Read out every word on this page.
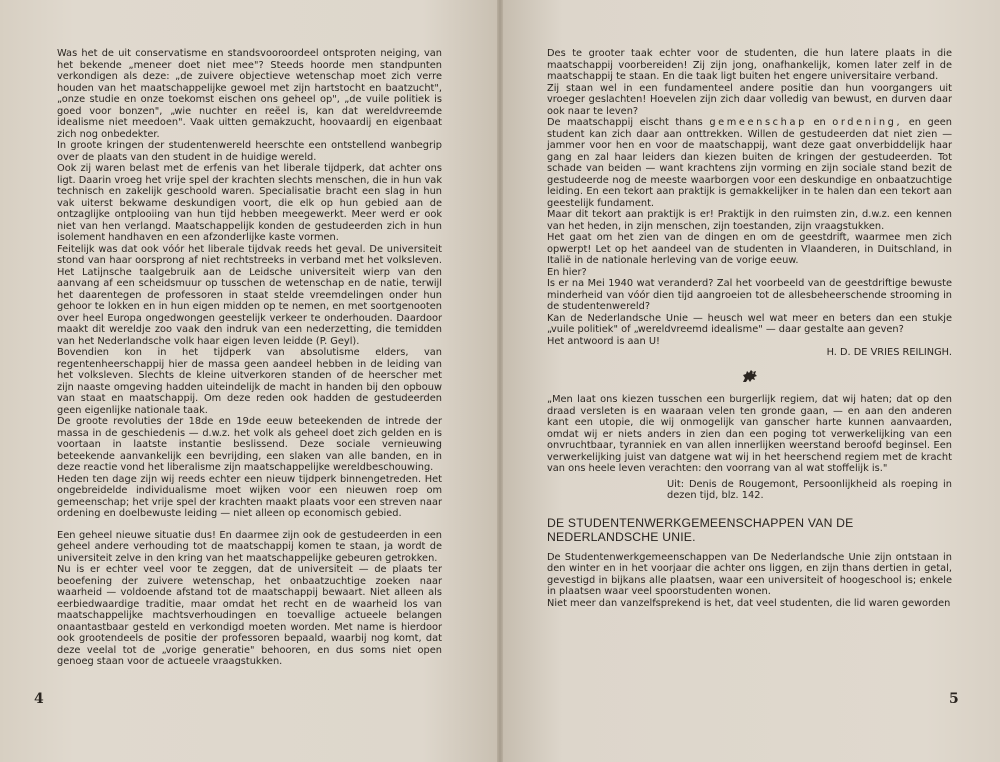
Was het de uit conservatisme en standsvooroordeel ontsproten neiging, van het bekende „meneer doet niet mee"? Steeds hoorde men standpunten verkondigen als deze: „de zuivere objectieve wetenschap moet zich verre houden van het maatschappelijke gewoel met zijn hartstocht en baatzucht", „onze studie en onze toekomst eischen ons geheel op", „de vuile politiek is goed voor bonzen", „wie nuchter en reëel is, kan dat wereldvreemde idealisme niet meedoen". Vaak uitten gemakzucht, hoovaardij en eigenbaat zich nog onbedekter.

In groote kringen der studentenwereld heerschte een ontstellend wanbegrip over de plaats van den student in de huidige wereld.

Ook zij waren belast met de erfenis van het liberale tijdperk, dat achter ons ligt. Daarin vroeg het vrije spel der krachten slechts menschen, die in hun vak technisch en zakelijk geschoold waren. Specialisatie bracht een slag in hun vak uiterst bekwame deskundigen voort, die elk op hun gebied aan de ontzaglijke ontplooiing van hun tijd hebben meegewerkt. Meer werd er ook niet van hen verlangd. Maatschappelijk konden de gestudeerden zich in hun isolement handhaven en een afzonderlijke kaste vormen.

Feitelijk was dat ook vóór het liberale tijdvak reeds het geval. De universiteit stond van haar oorsprong af niet rechtstreeks in verband met het volksleven. Het Latijnsche taalgebruik aan de Leidsche universiteit wierp van den aanvang af een scheidsmuur op tusschen de wetenschap en de natie, terwijl het daarentegen de professoren in staat stelde vreemdelingen onder hun gehoor te lokken en in hun eigen midden op te nemen, en met soortgenooten over heel Europa ongedwongen geestelijk verkeer te onderhouden. Daardoor maakt dit wereldje zoo vaak den indruk van een nederzetting, die temidden van het Nederlandsche volk haar eigen leven leidde (P. Geyl).

Bovendien kon in het tijdperk van absolutisme elders, van regentenheerschappij hier de massa geen aandeel hebben in de leiding van het volksleven. Slechts de kleine uitverkoren standen of de heerscher met zijn naaste omgeving hadden uiteindelijk de macht in handen bij den opbouw van staat en maatschappij. Om deze reden ook hadden de gestudeerden geen eigenlijke nationale taak.

De groote revoluties der 18de en 19de eeuw beteekenden de intrede der massa in de geschiedenis — d.w.z. het volk als geheel doet zich gelden en is voortaan in laatste instantie beslissend. Deze sociale vernieuwing beteekende aanvankelijk een bevrijding, een slaken van alle banden, en in deze reactie vond het liberalisme zijn maatschappelijke wereldbeschouwing.

Heden ten dage zijn wij reeds echter een nieuw tijdperk binnengetreden. Het ongebreidelde individualisme moet wijken voor een nieuwen roep om gemeenschap; het vrije spel der krachten maakt plaats voor een streven naar ordening en doelbewuste leiding — niet alleen op economisch gebied.

Een geheel nieuwe situatie dus! En daarmee zijn ook de gestudeerden in een geheel andere verhouding tot de maatschappij komen te staan, ja wordt de universiteit zelve in den kring van het maatschappelijke gebeuren getrokken.

Nu is er echter veel voor te zeggen, dat de universiteit — de plaats ter beoefening der zuivere wetenschap, het onbaatzuchtige zoeken naar waarheid — voldoende afstand tot de maatschappij bewaart. Niet alleen als eerbiedwaardige traditie, maar omdat het recht en de waarheid los van maatschappelijke machtsverhoudingen en toevallige actueele belangen onaantastbaar gesteld en verkondigd moeten worden. Met name is hierdoor ook grootendeels de positie der professoren bepaald, waarbij nog komt, dat deze veelal tot de „vorige generatie" behooren, en dus soms niet open genoeg staan voor de actueele vraagstukken.

4

Des te grooter taak echter voor de studenten, die hun latere plaats in die maatschappij voorbereiden! Zij zijn jong, onafhankelijk, komen later zelf in de maatschappij te staan. En die taak ligt buiten het engere universitaire verband.

Zij staan wel in een fundamenteel andere positie dan hun voorgangers uit vroeger geslachten! Hoevelen zijn zich daar volledig van bewust, en durven daar ook naar te leven?

De maatschappij eischt thans gemeenschap en ordening, en geen student kan zich daar aan onttrekken. Willen de gestudeerden dat niet zien — jammer voor hen en voor de maatschappij, want deze gaat onverbiddelijk haar gang en zal haar leiders dan kiezen buiten de kringen der gestudeerden. Tot schade van beiden — want krachtens zijn vorming en zijn sociale stand bezit de gestudeerde nog de meeste waarborgen voor een deskundige en onbaatzuchtige leiding. En een tekort aan praktijk is gemakkelijker in te halen dan een tekort aan geestelijk fundament.

Maar dit tekort aan praktijk is er! Praktijk in den ruimsten zin, d.w.z. een kennen van het heden, in zijn menschen, zijn toestanden, zijn vraagstukken.

Het gaat om het zien van de dingen en om de geestdrift, waarmee men zich opwerpt! Let op het aandeel van de studenten in Vlaanderen, in Duitschland, in Italië in de nationale herleving van de vorige eeuw.

En hier?

Is er na Mei 1940 wat veranderd? Zal het voorbeeld van de geestdriftige bewuste minderheid van vóór dien tijd aangroeien tot de allesbeheerschende strooming in de studentenwereld?

Kan de Nederlandsche Unie — heusch wel wat meer en beters dan een stukje „vuile politiek" of „wereldvreemd idealisme" — daar gestalte aan geven?

Het antwoord is aan U!

H. D. DE VRIES REILINGH.

„Men laat ons kiezen tusschen een burgerlijk regiem, dat wij haten; dat op den draad versleten is en waaraan velen ten gronde gaan, — en aan den anderen kant een utopie, die wij onmogelijk van ganscher harte kunnen aanvaarden, omdat wij er niets anders in zien dan een poging tot verwerkelijking van een onvruchtbaar, tyranniek en van allen innerlijken weerstand beroofd beginsel. Een verwerkelijking juist van datgene wat wij in het heerschend regiem met de kracht van ons heele leven verachten: den voorrang van al wat stoffelijk is."

Uit: Denis de Rougemont, Persoonlijkheid als roeping in dezen tijd, blz. 142.

DE STUDENTENWERKGEMEENSCHAPPEN VAN DE NEDERLANDSCHE UNIE.

De Studentenwerkgemeenschappen van De Nederlandsche Unie zijn ontstaan in den winter en in het voorjaar die achter ons liggen, en zijn thans dertien in getal, gevestigd in bijkans alle plaatsen, waar een universiteit of hoogeschool is; enkele in plaatsen waar veel spoorstudenten wonen.

Niet meer dan vanzelfsprekend is het, dat veel studenten, die lid waren geworden

5
